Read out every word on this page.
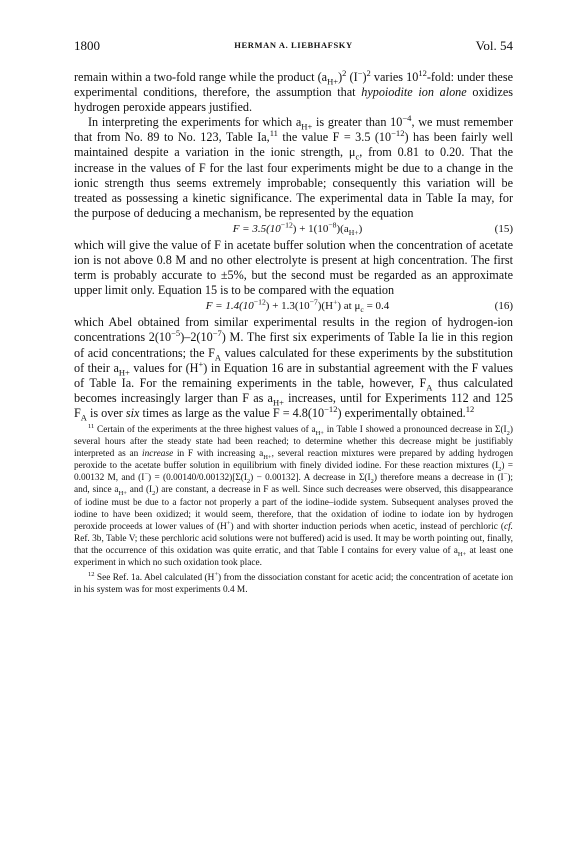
1800	HERMAN A. LIEBHAFSKY	Vol. 54

remain within a two-fold range while the product $(a_{H+})^2$ $(I^-)^2$ varies $10^{12}$-fold: under these experimental conditions, therefore, the assumption that hypoiodite ion alone oxidizes hydrogen peroxide appears justified.

In interpreting the experiments for which $a_{H+}$ is greater than $10^{-4}$, we must remember that from No. 89 to No. 123, Table Ia,$^{11}$ the value F = 3.5 $(10^{-12})$ has been fairly well maintained despite a variation in the ionic strength, $\mu_c$, from 0.81 to 0.20. That the increase in the values of F for the last four experiments might be due to a change in the ionic strength thus seems extremely improbable; consequently this variation will be treated as possessing a kinetic significance. The experimental data in Table Ia may, for the purpose of deducing a mechanism, be represented by the equation

$F = 3.5(10^{-12}) + 1(10^{-8})(a_{H+})$	(15)

which will give the value of F in acetate buffer solution when the concentration of acetate ion is not above 0.8 M and no other electrolyte is present at high concentration. The first term is probably accurate to ±5%, but the second must be regarded as an approximate upper limit only. Equation 15 is to be compared with the equation

$F = 1.4(10^{-12}) + 1.3(10^{-7})(H^+)$ at $\mu_c = 0.4$	(16)

which Abel obtained from similar experimental results in the region of hydrogen-ion concentrations $2(10^{-5})-2(10^{-7})$ M. The first six experiments of Table Ia lie in this region of acid concentrations; the $F_A$ values calculated for these experiments by the substitution of their $a_{H+}$ values for (H+) in Equation 16 are in substantial agreement with the F values of Table Ia. For the remaining experiments in the table, however, $F_A$ thus calculated becomes increasingly larger than F as $a_{H+}$ increases, until for Experiments 112 and 125 $F_A$ is over six times as large as the value $F = 4.8(10^{-12})$ experimentally obtained.$^{12}$

$^{11}$ Certain of the experiments at the three highest values of $a_{H+}$ in Table I showed a pronounced decrease in $\Sigma(I_2)$ several hours after the steady state had been reached; to determine whether this decrease might be justifiably interpreted as an increase in F with increasing $a_{H+}$, several reaction mixtures were prepared by adding hydrogen peroxide to the acetate buffer solution in equilibrium with finely divided iodine. For these reaction mixtures $(I_2) = 0.00132$ M, and $(I^-) = (0.00140/0.00132)[\Sigma(I_2) - 0.00132]$. A decrease in $\Sigma(I_2)$ therefore means a decrease in (I−); and, since $a_{H+}$ and $(I_2)$ are constant, a decrease in F as well. Since such decreases were observed, this disappearance of iodine must be due to a factor not properly a part of the iodine–iodide system. Subsequent analyses proved the iodine to have been oxidized; it would seem, therefore, that the oxidation of iodine to iodate ion by hydrogen peroxide proceeds at lower values of (H+) and with shorter induction periods when acetic, instead of perchloric (cf. Ref. 3b, Table V; these perchloric acid solutions were not buffered) acid is used. It may be worth pointing out, finally, that the occurrence of this oxidation was quite erratic, and that Table I contains for every value of $a_{H+}$ at least one experiment in which no such oxidation took place.

$^{12}$ See Ref. 1a. Abel calculated (H+) from the dissociation constant for acetic acid; the concentration of acetate ion in his system was for most experiments 0.4 M.
